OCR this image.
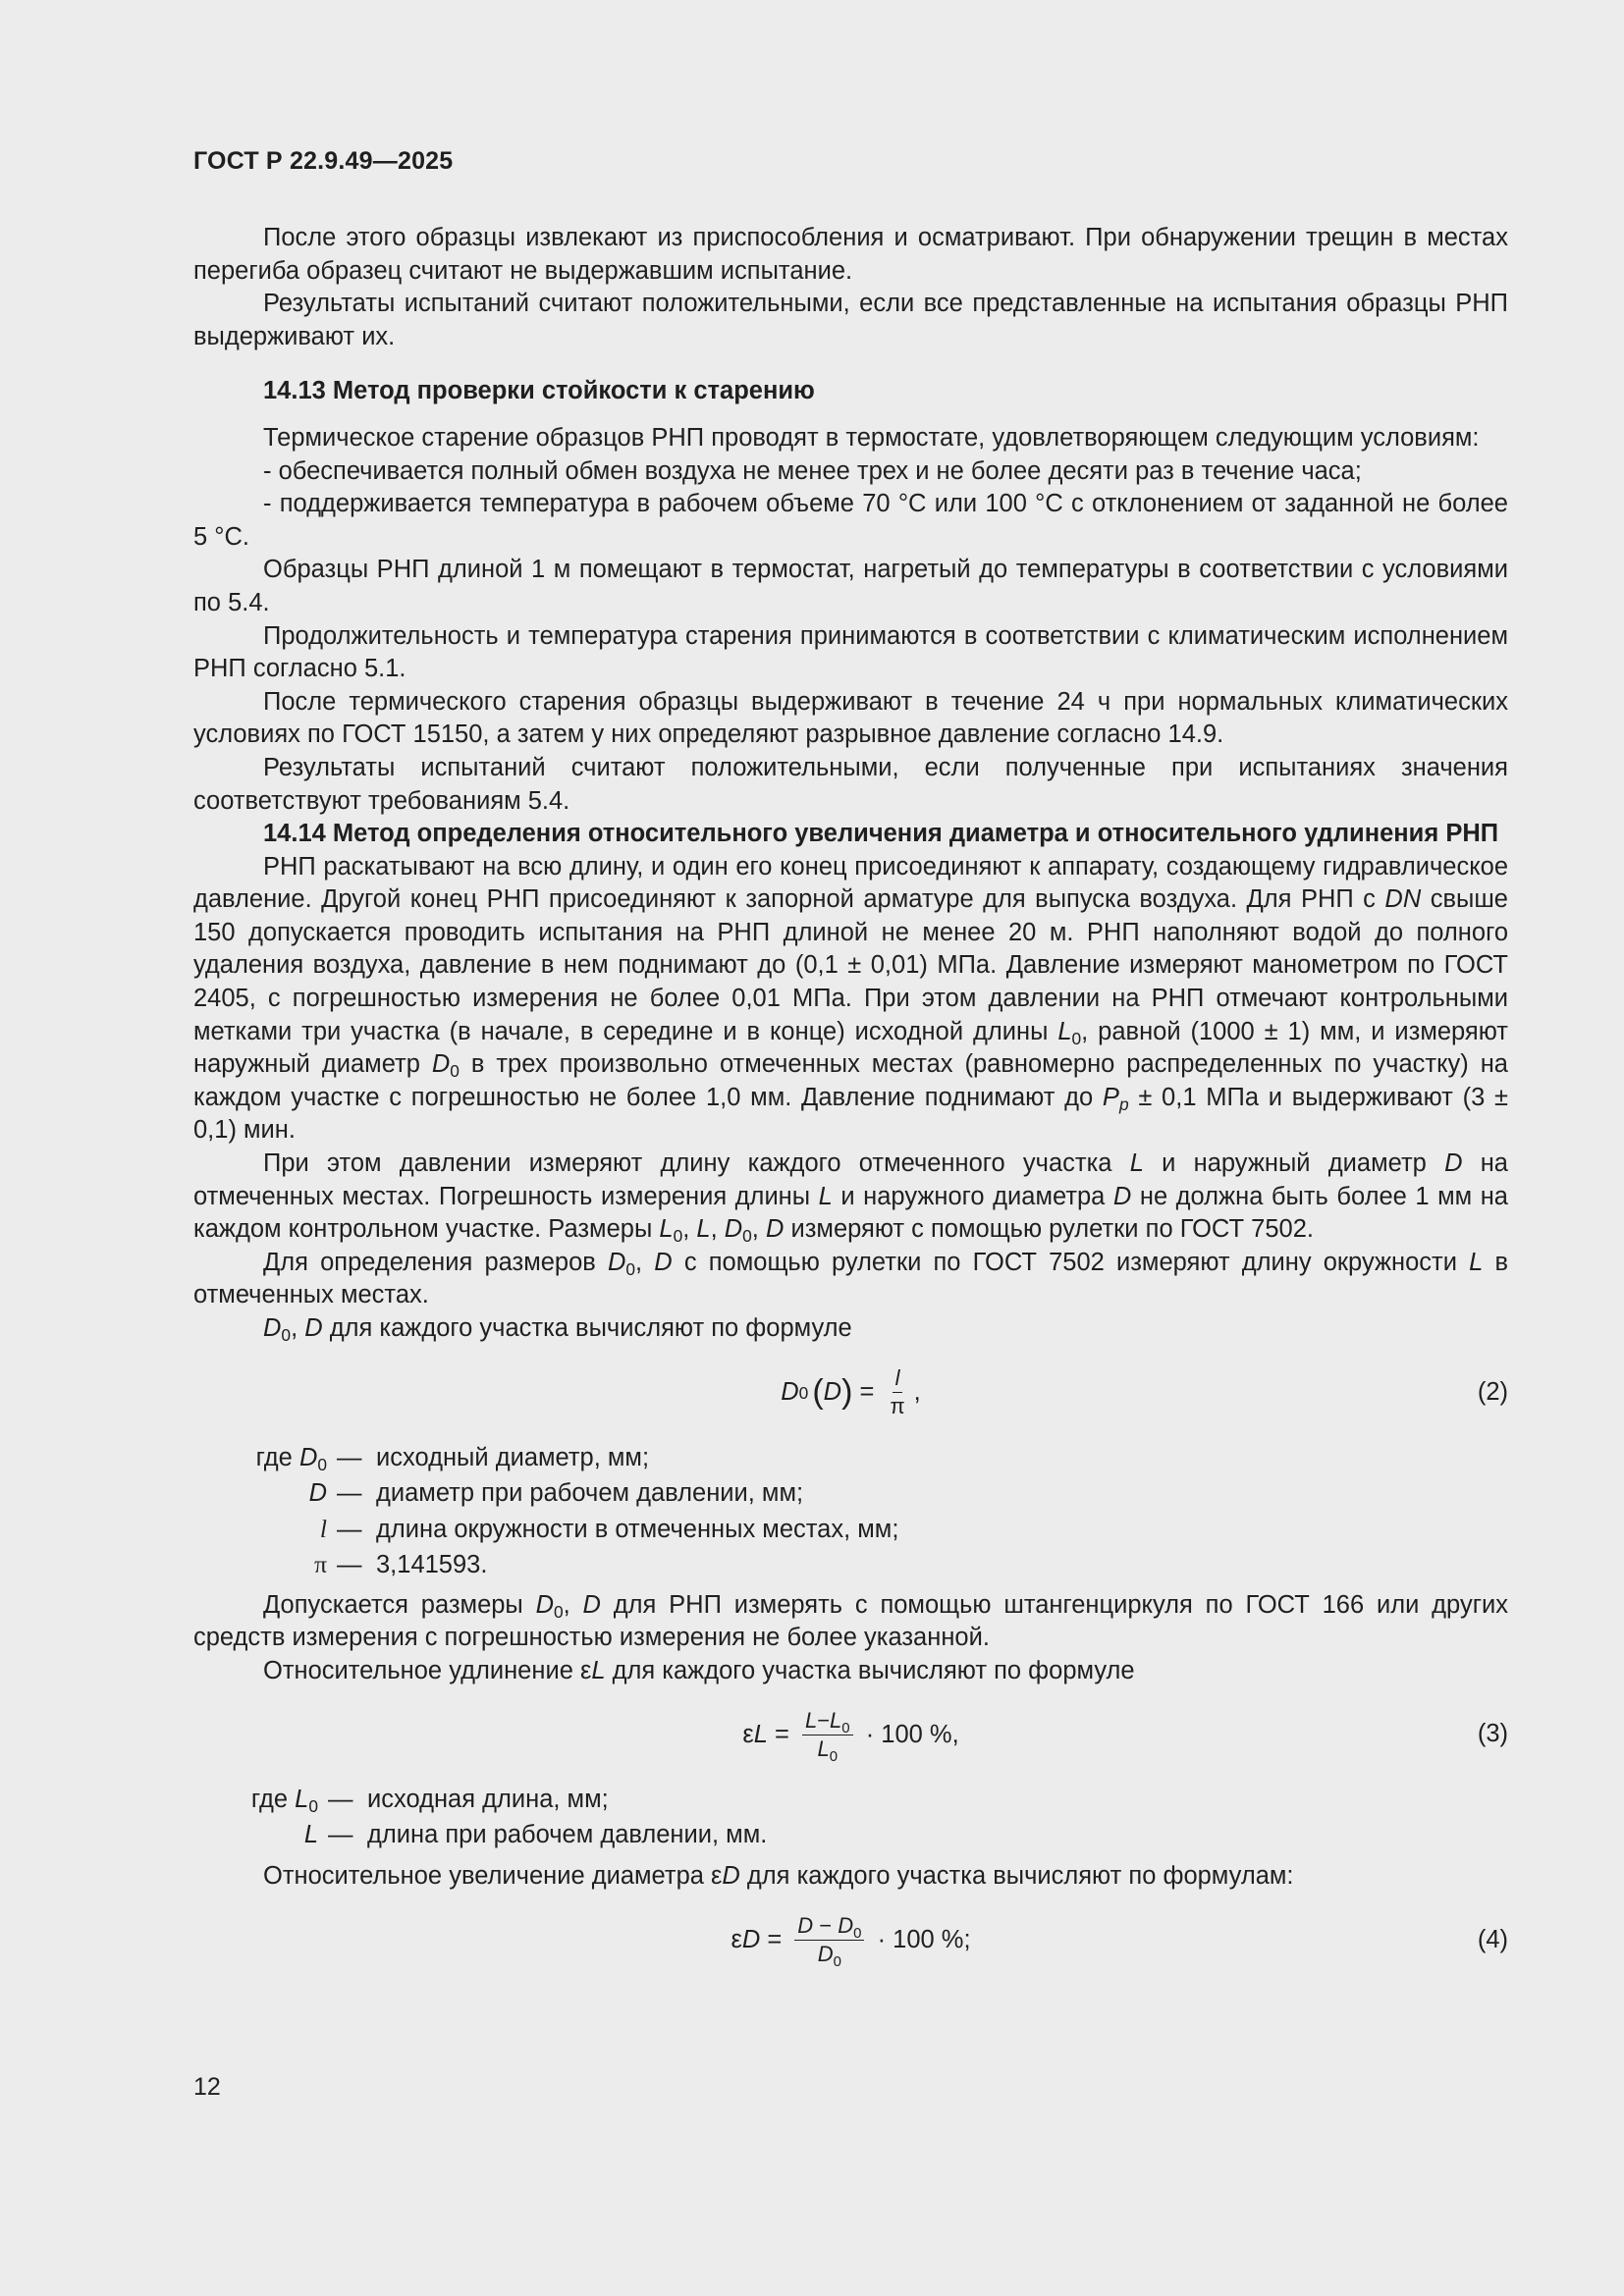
ГОСТ Р 22.9.49—2025

После этого образцы извлекают из приспособления и осматривают. При обнаружении трещин в местах перегиба образец считают не выдержавшим испытание.

Результаты испытаний считают положительными, если все представленные на испытания образцы РНП выдерживают их.

14.13 Метод проверки стойкости к старению

Термическое старение образцов РНП проводят в термостате, удовлетворяющем следующим условиям:

- обеспечивается полный обмен воздуха не менее трех и не более десяти раз в течение часа;

- поддерживается температура в рабочем объеме 70 °С или 100 °С с отклонением от заданной не более 5 °С.

Образцы РНП длиной 1 м помещают в термостат, нагретый до температуры в соответствии с условиями по 5.4.

Продолжительность и температура старения принимаются в соответствии с климатическим исполнением РНП согласно 5.1.

После термического старения образцы выдерживают в течение 24 ч при нормальных климатических условиях по ГОСТ 15150, а затем у них определяют разрывное давление согласно 14.9.

Результаты испытаний считают положительными, если полученные при испытаниях значения соответствуют требованиям 5.4.

14.14 Метод определения относительного увеличения диаметра и относительного удлинения РНП

РНП раскатывают на всю длину, и один его конец присоединяют к аппарату, создающему гидравлическое давление. Другой конец РНП присоединяют к запорной арматуре для выпуска воздуха. Для РНП с DN свыше 150 допускается проводить испытания на РНП длиной не менее 20 м. РНП наполняют водой до полного удаления воздуха, давление в нем поднимают до (0,1 ± 0,01) МПа. Давление измеряют манометром по ГОСТ 2405, с погрешностью измерения не более 0,01 МПа. При этом давлении на РНП отмечают контрольными метками три участка (в начале, в середине и в конце) исходной длины $L_0$, равной (1000 ± 1) мм, и измеряют наружный диаметр $D_0$ в трех произвольно отмеченных местах (равномерно распределенных по участку) на каждом участке с погрешностью не более 1,0 мм. Давление поднимают до $P_p \pm 0,1$ МПа и выдерживают (3 ± 0,1) мин.

При этом давлении измеряют длину каждого отмеченного участка L и наружный диаметр D на отмеченных местах. Погрешность измерения длины L и наружного диаметра D не должна быть более 1 мм на каждом контрольном участке. Размеры $L_0$, L, $D_0$, D измеряют с помощью рулетки по ГОСТ 7502.

Для определения размеров $D_0$, D с помощью рулетки по ГОСТ 7502 измеряют длину окружности L в отмеченных местах.

$D_0$, D для каждого участка вычисляют по формуле

D 0 ( D ) = $\frac{l}{\pi}$ ,	(2)
где $D_0$ — исходный диаметр, мм;
D — диаметр при рабочем давлении, мм;
l — длина окружности в отмеченных местах, мм;
π — 3,141593.

Допускается размеры $D_0$, D для РНП измерять с помощью штангенциркуля по ГОСТ 166 или других средств измерения с погрешностью измерения не более указанной.

Относительное удлинение εL для каждого участка вычисляют по формуле

ε $L = \frac{L-L_0}{L_0} \cdot 100$ %,	(3)
где $L_0$ — исходная длина, мм;
L — длина при рабочем давлении, мм.

Относительное увеличение диаметра εD для каждого участка вычисляют по формулам:

ε $D = \frac{D - D_0}{D_0} \cdot 100$ %;	(4)
12
